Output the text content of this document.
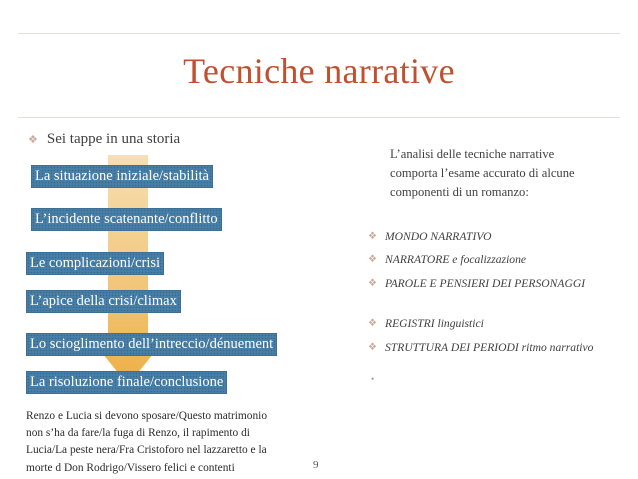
Tecniche narrative
❖ Sei tappe in una storia
La situazione iniziale/stabilità
L’incidente scatenante/conflitto
Le complicazioni/crisi
L’apice della crisi/climax
Lo scioglimento dell’intreccio/dénuement
La risoluzione finale/conclusione
Renzo e Lucia si devono sposare/Questo matrimonio
non s’ha da fare/la fuga di Renzo, il rapimento di
Lucia/La peste nera/Fra Cristoforo nel lazzaretto e la
morte d Don Rodrigo/Vissero felici e contenti	9
L’analisi delle tecniche narrative comporta l’esame accurato di alcune componenti di un romanzo:
❖ MONDO NARRATIVO
❖ NARRATORE e focalizzazione
❖ PAROLE E PENSIERI DEI PERSONAGGI
❖ REGISTRI linguistici
❖ STRUTTURA DEI PERIODI ritmo narrativo
•
